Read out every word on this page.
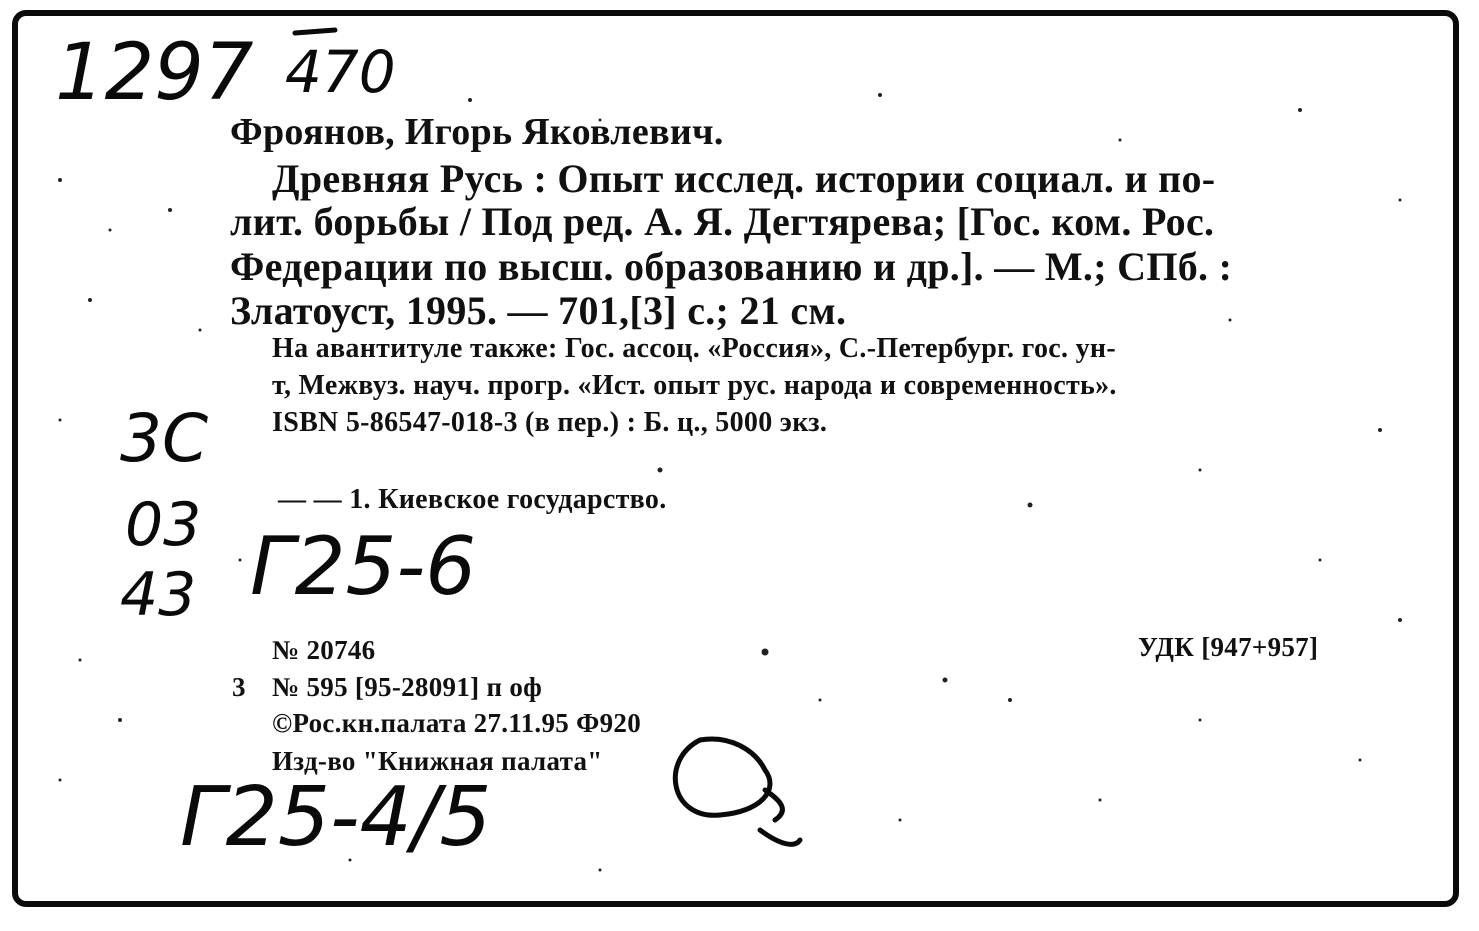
1297 470
3С
03
43 Г25-6
Г25-4/5
Фроянов, Игорь Яковлевич.
Древняя Русь : Опыт исслед. истории социал. и по-
лит. борьбы / Под ред. А. Я. Дегтярева; [Гос. ком. Рос.
Федерации по высш. образованию и др.]. — М.; СПб. :
Златоуст, 1995. — 701,[3] с.; 21 см.
На авантитуле также: Гос. ассоц. «Россия», С.-Петербург. гос. ун-
т, Межвуз. науч. прогр. «Ист. опыт рус. народа и современность».
ISBN 5-86547-018-3 (в пер.) : Б. ц., 5000 экз.
— — 1. Киевское государство.
№ 20746	УДК [947+957]
3 № 595 [95-28091] п оф
©Рос.кн.палата 27.11.95 Ф920
Изд-во "Книжная палата"
